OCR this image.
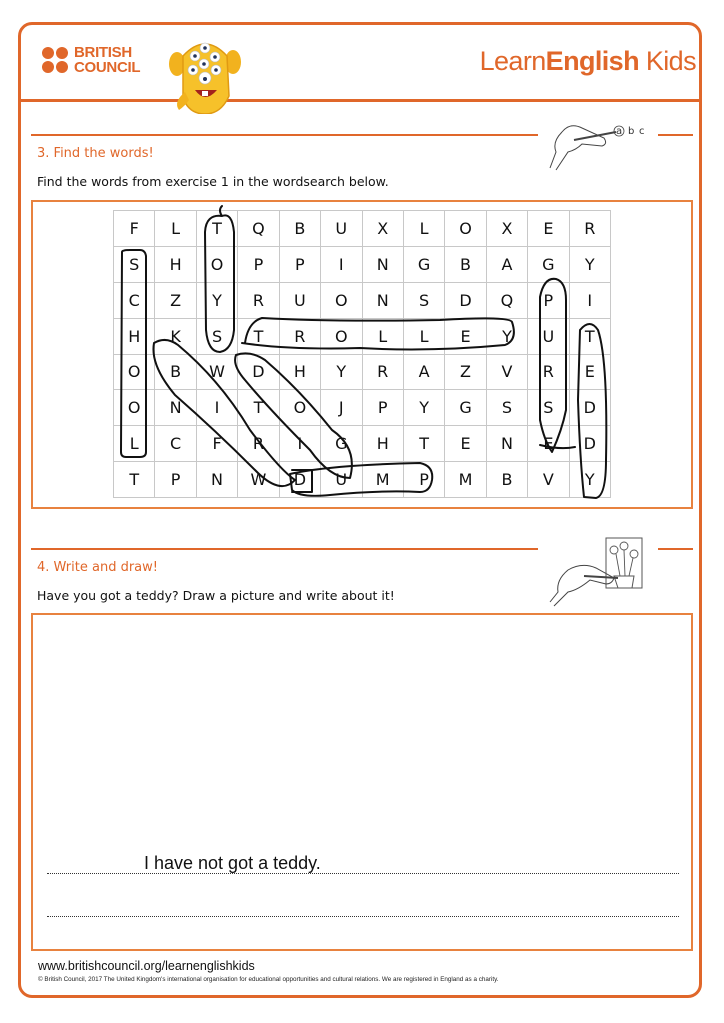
BRITISH
COUNCIL	LearnEnglish Kids
a b c
3. Find the words!
Find the words from exercise 1 in the wordsearch below.
F	L	T	Q	B	U	X	L	O	X	E	R
S	H	O	P	P	I	N	G	B	A	G	Y
C	Z	Y	R	U	O	N	S	D	Q	P	I
H	K	S	T	R	O	L	L	E	Y	U	T
O	B	W	D	H	Y	R	A	Z	V	R	E
O	N	I	T	O	J	P	Y	G	S	S	D
L	C	F	R	I	G	H	T	E	N	E	D
T	P	N	W	D	U	M	P	M	B	V	Y
4. Write and draw!
Have you got a teddy? Draw a picture and write about it!
I have not got a teddy.
www.britishcouncil.org/learnenglishkids
© British Council, 2017 The United Kingdom's international organisation for educational opportunities and cultural relations. We are registered in England as a charity.
